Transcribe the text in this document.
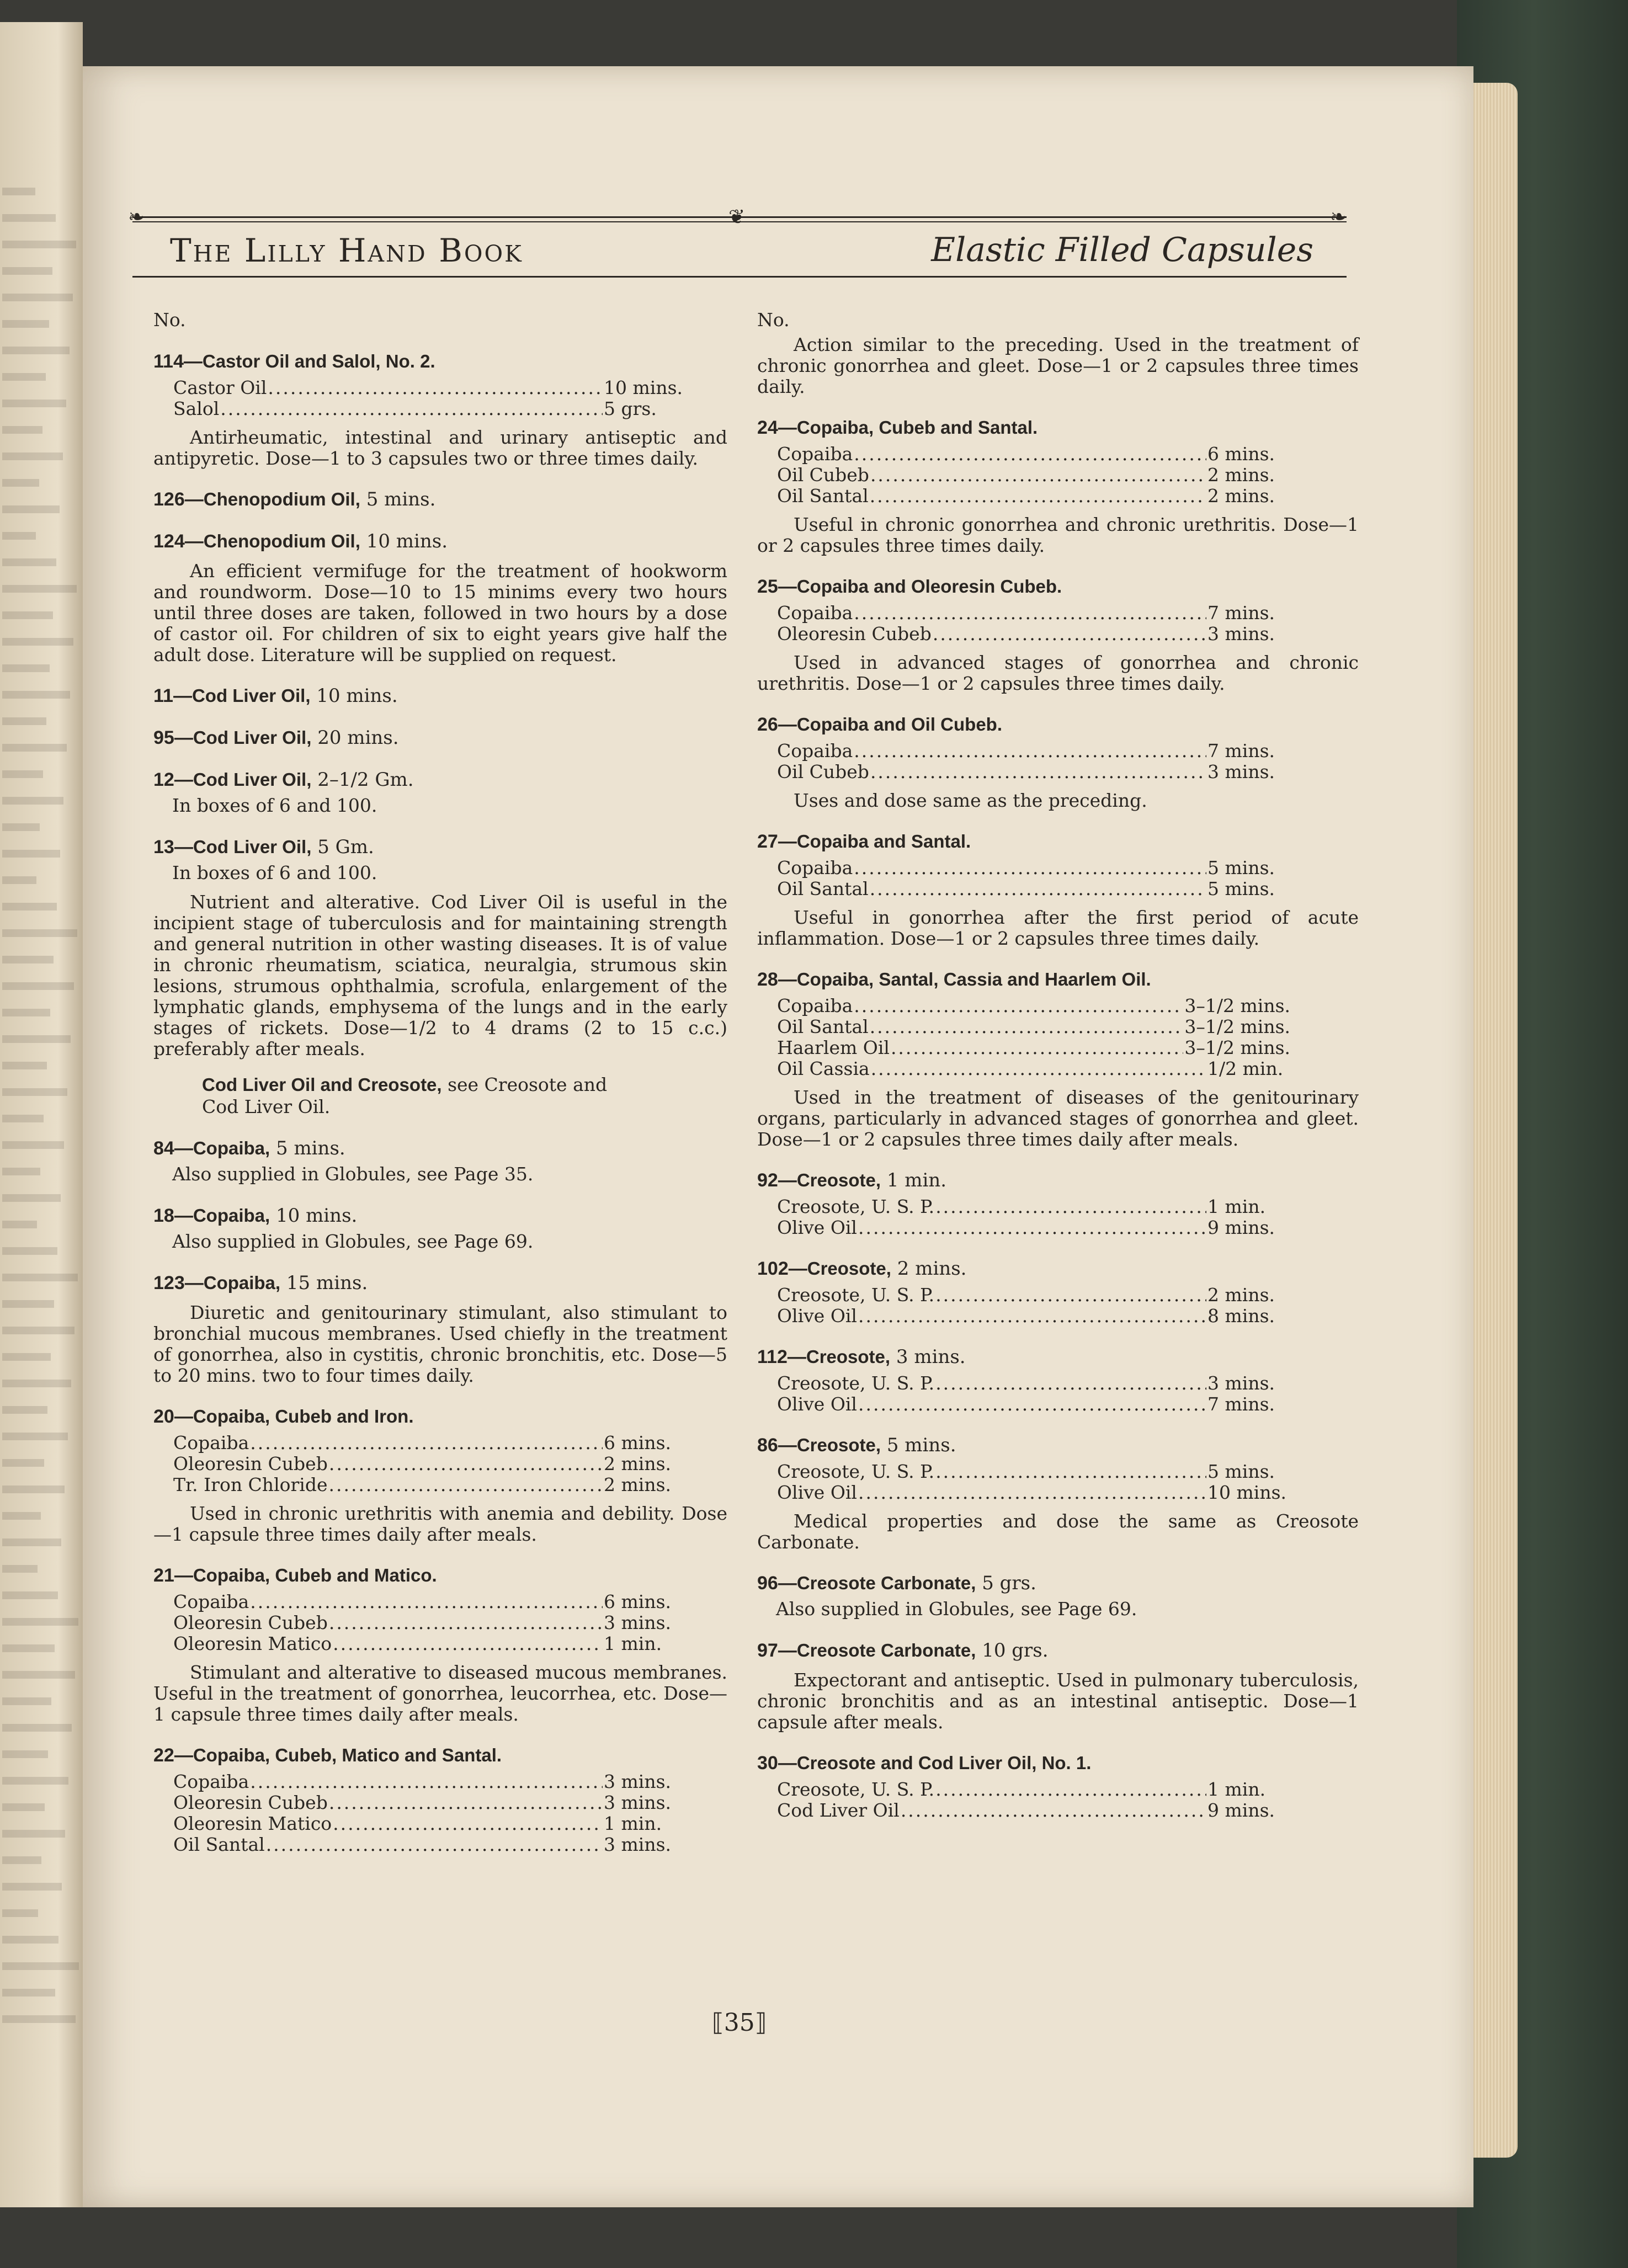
❧	❦	❧
The Lilly Hand Book	Elastic Filled Capsules
No.
114—Castor Oil and Salol, No. 2.
Castor Oil .....	10 mins.
Salol .....	5 grs.
Antirheumatic, intestinal and urinary antiseptic and antipyretic. Dose—1 to 3 capsules two or three times daily.
126—Chenopodium Oil, 5 mins.
124—Chenopodium Oil, 10 mins.
An efficient vermifuge for the treatment of hookworm and roundworm. Dose—10 to 15 minims every two hours until three doses are taken, followed in two hours by a dose of castor oil. For children of six to eight years give half the adult dose. Literature will be supplied on request.
11—Cod Liver Oil, 10 mins.
95—Cod Liver Oil, 20 mins.
12—Cod Liver Oil, 2–1/2 Gm.
In boxes of 6 and 100.
13—Cod Liver Oil, 5 Gm.
In boxes of 6 and 100.
Nutrient and alterative. Cod Liver Oil is useful in the incipient stage of tuberculosis and for maintaining strength and general nutrition in other wasting diseases. It is of value in chronic rheumatism, sciatica, neuralgia, strumous skin lesions, strumous ophthalmia, scrofula, enlargement of the lymphatic glands, emphysema of the lungs and in the early stages of rickets. Dose—1/2 to 4 drams (2 to 15 c.c.) preferably after meals.
Cod Liver Oil and Creosote, see Creosote and
Cod Liver Oil.
84—Copaiba, 5 mins.
Also supplied in Globules, see Page 35.
18—Copaiba, 10 mins.
Also supplied in Globules, see Page 69.
123—Copaiba, 15 mins.
Diuretic and genitourinary stimulant, also stimulant to bronchial mucous membranes. Used chiefly in the treatment of gonorrhea, also in cystitis, chronic bronchitis, etc. Dose—5 to 20 mins. two to four times daily.
20—Copaiba, Cubeb and Iron.
Copaiba .....	6 mins.
Oleoresin Cubeb .....	2 mins.
Tr. Iron Chloride .....	2 mins.
Used in chronic urethritis with anemia and debility. Dose—1 capsule three times daily after meals.
21—Copaiba, Cubeb and Matico.
Copaiba .....	6 mins.
Oleoresin Cubeb .....	3 mins.
Oleoresin Matico .....	1 min.
Stimulant and alterative to diseased mucous membranes. Useful in the treatment of gonorrhea, leucorrhea, etc. Dose—1 capsule three times daily after meals.
22—Copaiba, Cubeb, Matico and Santal.
Copaiba .....	3 mins.
Oleoresin Cubeb .....	3 mins.
Oleoresin Matico .....	1 min.
Oil Santal .....	3 mins.
No.
Action similar to the preceding. Used in the treatment of chronic gonorrhea and gleet. Dose—1 or 2 capsules three times daily.
24—Copaiba, Cubeb and Santal.
Copaiba .....	6 mins.
Oil Cubeb .....	2 mins.
Oil Santal .....	2 mins.
Useful in chronic gonorrhea and chronic urethritis. Dose—1 or 2 capsules three times daily.
25—Copaiba and Oleoresin Cubeb.
Copaiba .....	7 mins.
Oleoresin Cubeb .....	3 mins.
Used in advanced stages of gonorrhea and chronic urethritis. Dose—1 or 2 capsules three times daily.
26—Copaiba and Oil Cubeb.
Copaiba .....	7 mins.
Oil Cubeb .....	3 mins.
Uses and dose same as the preceding.
27—Copaiba and Santal.
Copaiba .....	5 mins.
Oil Santal .....	5 mins.
Useful in gonorrhea after the first period of acute inflammation. Dose—1 or 2 capsules three times daily.
28—Copaiba, Santal, Cassia and Haarlem Oil.
Copaiba .....	3–1/2 mins.
Oil Santal .....	3–1/2 mins.
Haarlem Oil .....	3–1/2 mins.
Oil Cassia .....	1/2 min.
Used in the treatment of diseases of the genitourinary organs, particularly in advanced stages of gonorrhea and gleet. Dose—1 or 2 capsules three times daily after meals.
92—Creosote, 1 min.
Creosote, U. S. P. .....	1 min.
Olive Oil .....	9 mins.
102—Creosote, 2 mins.
Creosote, U. S. P. .....	2 mins.
Olive Oil .....	8 mins.
112—Creosote, 3 mins.
Creosote, U. S. P. .....	3 mins.
Olive Oil .....	7 mins.
86—Creosote, 5 mins.
Creosote, U. S. P. .....	5 mins.
Olive Oil .....	10 mins.
Medical properties and dose the same as Creosote Carbonate.
96—Creosote Carbonate, 5 grs.
Also supplied in Globules, see Page 69.
97—Creosote Carbonate, 10 grs.
Expectorant and antiseptic. Used in pulmonary tuberculosis, chronic bronchitis and as an intestinal antiseptic. Dose—1 capsule after meals.
30—Creosote and Cod Liver Oil, No. 1.
Creosote, U. S. P. .....	1 min.
Cod Liver Oil .....	9 mins.
⟦35⟧
